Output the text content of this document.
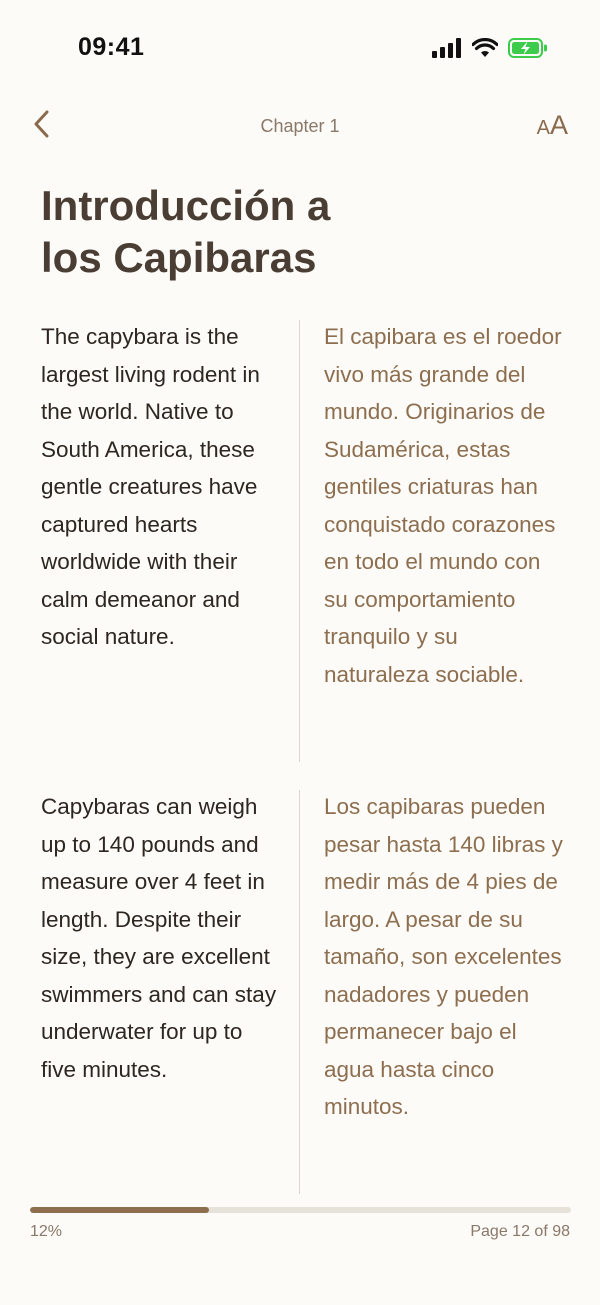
09:41
Chapter 1	A A
Introducción a
los Capibaras

The capybara is the largest living rodent in the world. Native to South America, these gentle creatures have captured hearts worldwide with their calm demeanor and social nature.

El capibara es el roedor vivo más grande del mundo. Originarios de Sudamérica, estas gentiles criaturas han conquistado corazones en todo el mundo con su comportamiento tranquilo y su naturaleza sociable.

Capybaras can weigh up to 140 pounds and measure over 4 feet in length. Despite their size, they are excellent swimmers and can stay underwater for up to five minutes.

Los capibaras pueden pesar hasta 140 libras y medir más de 4 pies de largo. A pesar de su tamaño, son excelentes nadadores y pueden permanecer bajo el agua hasta cinco minutos.

12%	Page 12 of 98
